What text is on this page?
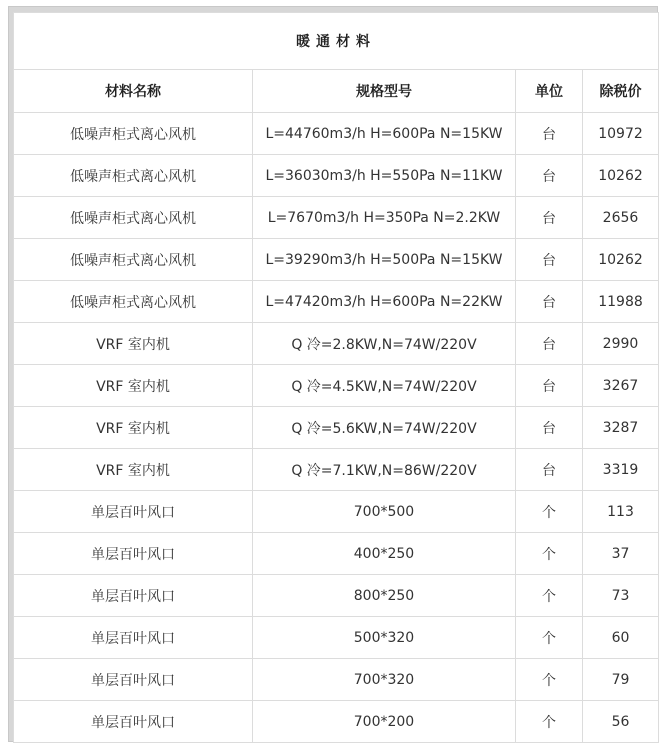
暖通材料			
材料名称	规格型号	单位	除税价
低噪声柜式离心风机	L=44760m3/h H=600Pa N=15KW	台	10972
低噪声柜式离心风机	L=36030m3/h H=550Pa N=11KW	台	10262
低噪声柜式离心风机	L=7670m3/h H=350Pa N=2.2KW	台	2656
低噪声柜式离心风机	L=39290m3/h H=500Pa N=15KW	台	10262
低噪声柜式离心风机	L=47420m3/h H=600Pa N=22KW	台	11988
VRF 室内机	Q 冷=2.8KW,N=74W/220V	台	2990
VRF 室内机	Q 冷=4.5KW,N=74W/220V	台	3267
VRF 室内机	Q 冷=5.6KW,N=74W/220V	台	3287
VRF 室内机	Q 冷=7.1KW,N=86W/220V	台	3319
单层百叶风口	700*500	个	113
单层百叶风口	400*250	个	37
单层百叶风口	800*250	个	73
单层百叶风口	500*320	个	60
单层百叶风口	700*320	个	79
单层百叶风口	700*200	个	56
